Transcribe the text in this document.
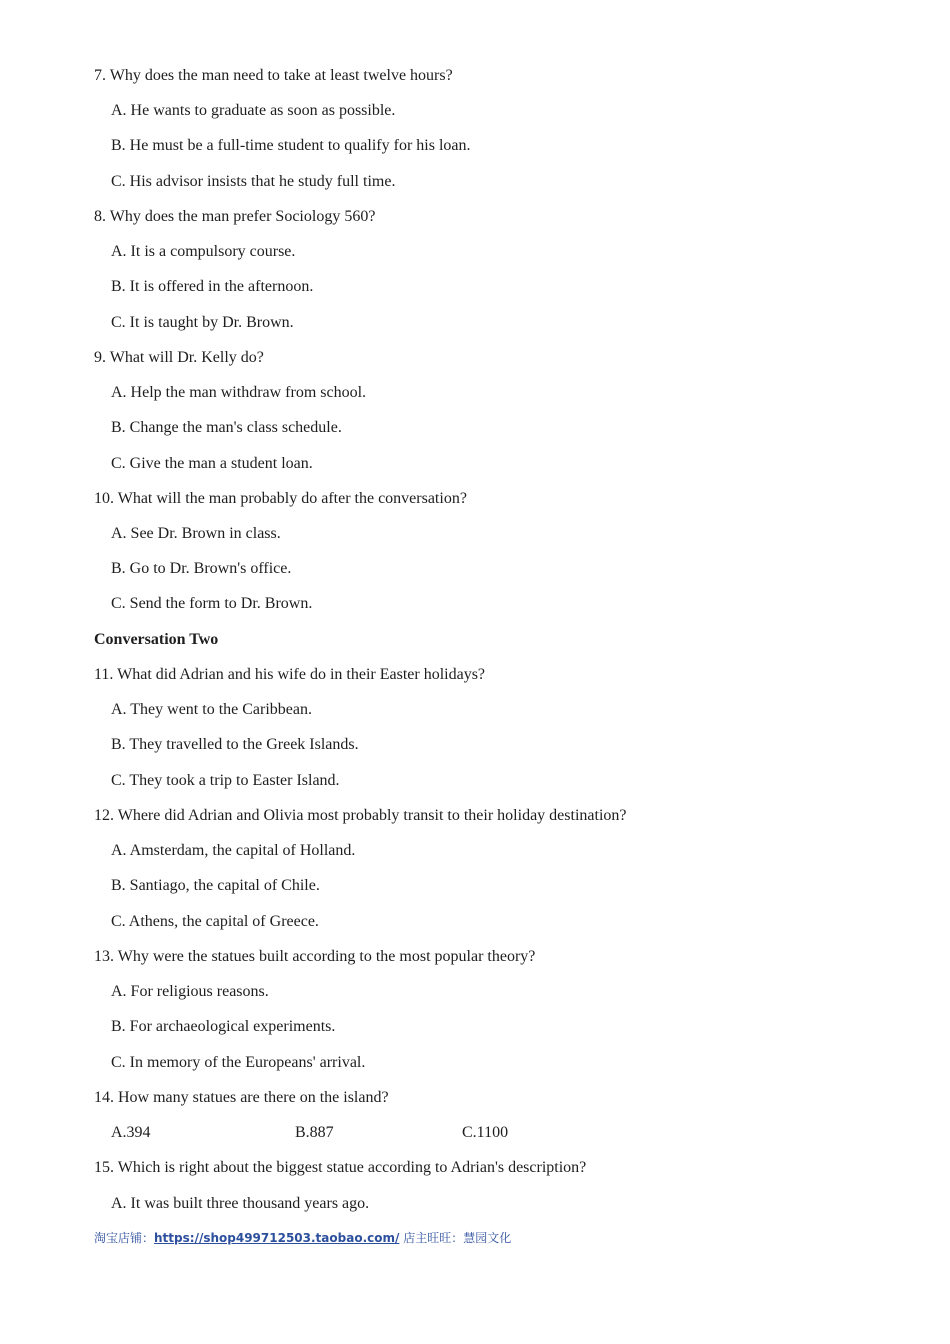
7. Why does the man need to take at least twelve hours?
A. He wants to graduate as soon as possible.
B. He must be a full-time student to qualify for his loan.
C. His advisor insists that he study full time.
8. Why does the man prefer Sociology 560?
A. It is a compulsory course.
B. It is offered in the afternoon.
C. It is taught by Dr. Brown.
9. What will Dr. Kelly do?
A. Help the man withdraw from school.
B. Change the man's class schedule.
C. Give the man a student loan.
10. What will the man probably do after the conversation?
A. See Dr. Brown in class.
B. Go to Dr. Brown's office.
C. Send the form to Dr. Brown.
Conversation Two
11. What did Adrian and his wife do in their Easter holidays?
A. They went to the Caribbean.
B. They travelled to the Greek Islands.
C. They took a trip to Easter Island.
12. Where did Adrian and Olivia most probably transit to their holiday destination?
A. Amsterdam, the capital of Holland.
B. Santiago, the capital of Chile.
C. Athens, the capital of Greece.
13. Why were the statues built according to the most popular theory?
A. For religious reasons.
B. For archaeological experiments.
C. In memory of the Europeans' arrival.
14. How many statues are there on the island?
A.394	B.887	C.1100
15. Which is right about the biggest statue according to Adrian's description?
A. It was built three thousand years ago.
淘宝店铺：https://shop499712503.taobao.com/ 店主旺旺：慧园文化
